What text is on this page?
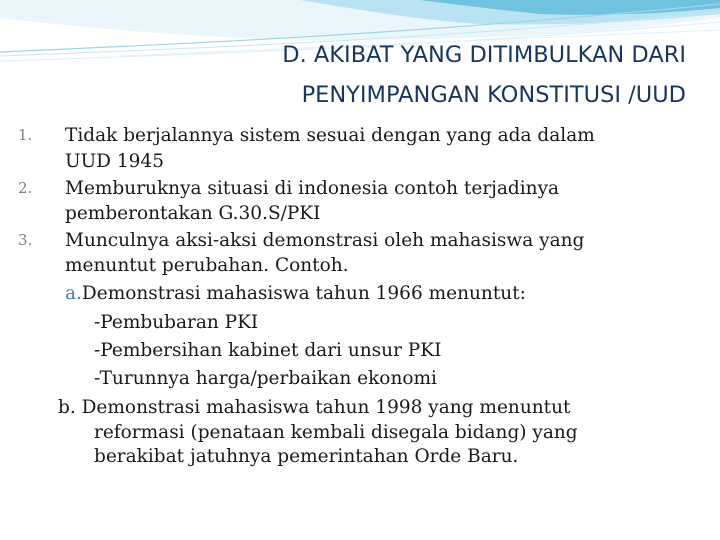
D. AKIBAT YANG DITIMBULKAN DARI
PENYIMPANGAN KONSTITUSI /UUD
1. Tidak berjalannya sistem sesuai dengan yang ada dalam
UUD 1945
2. Memburuknya situasi di indonesia contoh terjadinya
pemberontakan G.30.S/PKI
3. Munculnya aksi-aksi demonstrasi oleh mahasiswa yang
menuntut perubahan. Contoh.
a.Demonstrasi mahasiswa tahun 1966 menuntut:
-Pembubaran PKI
-Pembersihan kabinet dari unsur PKI
-Turunnya harga/perbaikan ekonomi
b. Demonstrasi mahasiswa tahun 1998 yang menuntut
reformasi (penataan kembali disegala bidang) yang
berakibat jatuhnya pemerintahan Orde Baru.
